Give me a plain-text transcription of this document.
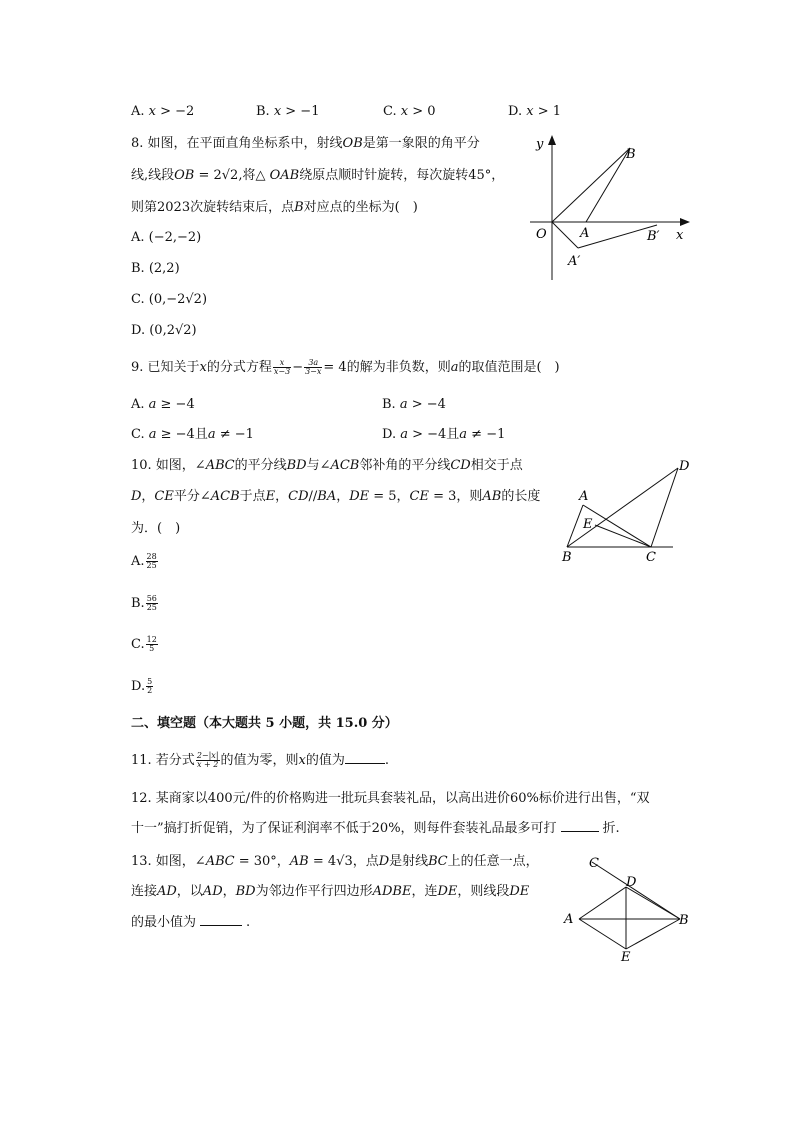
A. 𝑥 > −2	B. 𝑥 > −1	C. 𝑥 > 0	D. 𝑥 > 1
8. 如图，在平面直角坐标系中，射线𝑂𝐵是第一象限的角平分
线,线段𝑂𝐵 = 2√2,将△ 𝑂𝐴𝐵绕原点顺时针旋转，每次旋转45°，
则第2023次旋转结束后，点𝐵对应点的坐标为(　)
A. (−2,−2)
B. (2,2)
C. (0,−2√2)
D. (0,2√2)
y
x
O	A
B
A′
B′
9. 已知关于𝑥的分式方程 $\frac{\text{𝑥}}{\text{𝑥−3}} - \frac{\text{3𝑎}}{\text{3−𝑥}} = 4$的解为非负数，则𝑎的取值范围是(　)
A. 𝑎 ≥ −4	B. 𝑎 > −4
C. 𝑎 ≥ −4且𝑎 ≠ −1	D. 𝑎 > −4且𝑎 ≠ −1
10. 如图，∠𝐴𝐵𝐶的平分线𝐵𝐷与∠𝐴𝐶𝐵邻补角的平分线𝐶𝐷相交于点
𝐷，𝐶𝐸平分∠𝐴𝐶𝐵于点𝐸，𝐶𝐷//𝐵𝐴，𝐷𝐸 = 5，𝐶𝐸 = 3，则𝐴𝐵的长度
为．(　)
A. $\frac{28}{25}$
B. $\frac{56}{25}$
C. $\frac{12}{5}$
D. $\frac{5}{2}$
A
B	C
D
E
二、填空题（本大题共 5 小题，共 15.0 分）
11. 若分式 $\frac{\text{2−|𝑥|}}{\text{𝑥 + 2}}$ 的值为零，则𝑥的值为	.
12. 某商家以400元/件的价格购进一批玩具套装礼品，以高出进价60%标价进行出售，“双
十一”搞打折促销，为了保证利润率不低于20%，则每件套装礼品最多可打	折.
13. 如图，∠𝐴𝐵𝐶 = 30°，𝐴𝐵 = 4√3，点𝐷是射线𝐵𝐶上的任意一点，
连接𝐴𝐷，以𝐴𝐷，𝐵𝐷为邻边作平行四边形𝐴𝐷𝐵𝐸，连𝐷𝐸，则线段𝐷𝐸
的最小值为	.
C
D
A	B
E
